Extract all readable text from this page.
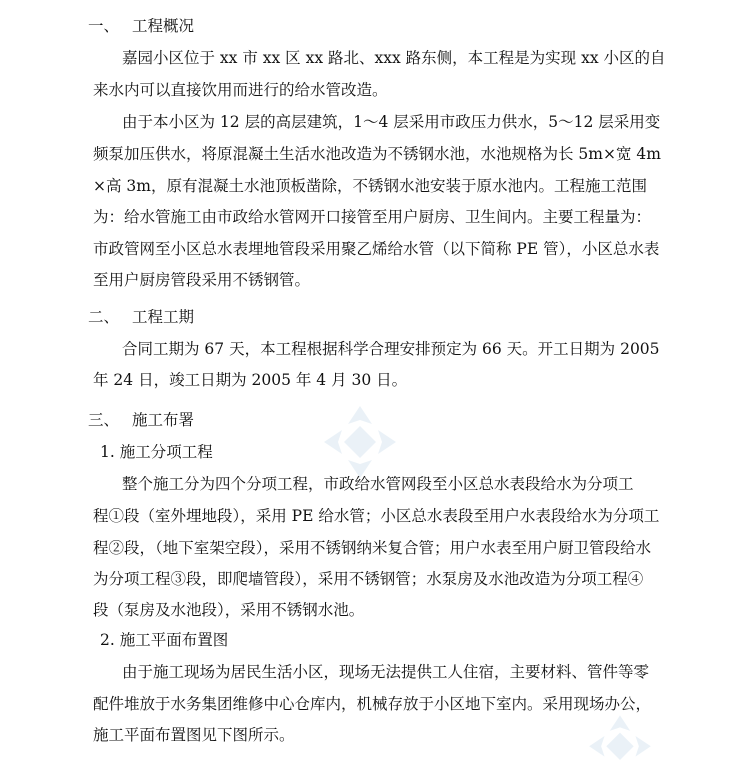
一、 工程概况
嘉园小区位于 xx 市 xx 区 xx 路北、xxx 路东侧，本工程是为实现 xx 小区的自
来水内可以直接饮用而进行的给水管改造。
由于本小区为 12 层的高层建筑，1～4 层采用市政压力供水，5～12 层采用变
频泵加压供水，将原混凝土生活水池改造为不锈钢水池，水池规格为长 5m×宽 4m
×高 3m，原有混凝土水池顶板凿除，不锈钢水池安装于原水池内。工程施工范围
为：给水管施工由市政给水管网开口接管至用户厨房、卫生间内。主要工程量为：
市政管网至小区总水表埋地管段采用聚乙烯给水管（以下简称 PE 管），小区总水表
至用户厨房管段采用不锈钢管。
二、 工程工期
合同工期为 67 天，本工程根据科学合理安排预定为 66 天。开工日期为 2005
年 24 日，竣工日期为 2005 年 4 月 30 日。
三、 施工布署
1. 施工分项工程
整个施工分为四个分项工程，市政给水管网段至小区总水表段给水为分项工
程①段（室外埋地段），采用 PE 给水管；小区总水表段至用户水表段给水为分项工
程②段，（地下室架空段），采用不锈钢纳米复合管；用户水表至用户厨卫管段给水
为分项工程③段，即爬墙管段），采用不锈钢管；水泵房及水池改造为分项工程④
段（泵房及水池段），采用不锈钢水池。
2. 施工平面布置图
由于施工现场为居民生活小区，现场无法提供工人住宿，主要材料、管件等零
配件堆放于水务集团维修中心仓库内，机械存放于小区地下室内。采用现场办公，
施工平面布置图见下图所示。
